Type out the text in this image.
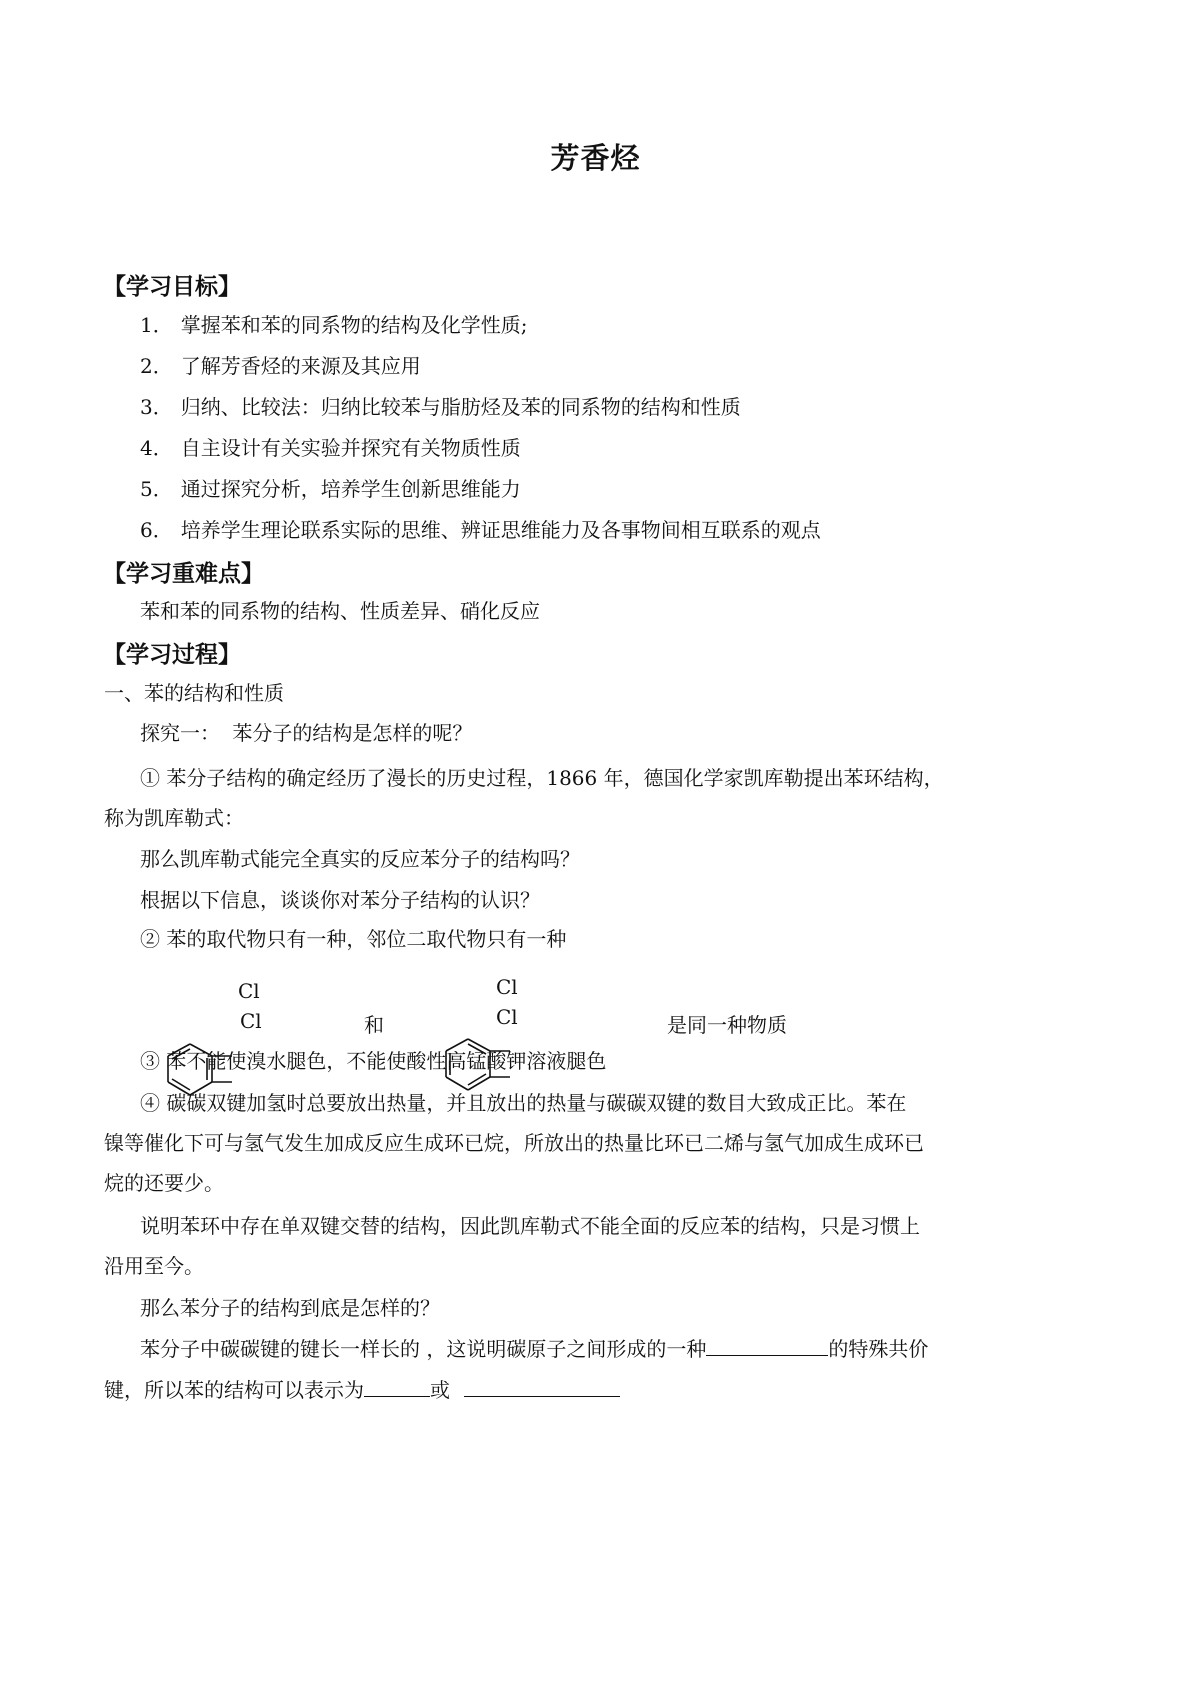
芳香烃
【学习目标】
1． 掌握苯和苯的同系物的结构及化学性质;
2． 了解芳香烃的来源及其应用
3． 归纳、比较法：归纳比较苯与脂肪烃及苯的同系物的结构和性质
4． 自主设计有关实验并探究有关物质性质
5． 通过探究分析，培养学生创新思维能力
6． 培养学生理论联系实际的思维、辨证思维能力及各事物间相互联系的观点
【学习重难点】
苯和苯的同系物的结构、性质差异、硝化反应
【学习过程】
一、苯的结构和性质
探究一： 苯分子的结构是怎样的呢？
① 苯分子结构的确定经历了漫长的历史过程，1866 年，德国化学家凯库勒提出苯环结构，
称为凯库勒式：
那么凯库勒式能完全真实的反应苯分子的结构吗？
根据以下信息，谈谈你对苯分子结构的认识？
② 苯的取代物只有一种，邻位二取代物只有一种
Cl
Cl	和
Cl
Cl	是同一种物质
③ 苯不能使溴水腿色，不能使酸性高锰酸钾溶液腿色
④ 碳碳双键加氢时总要放出热量，并且放出的热量与碳碳双键的数目大致成正比。苯在
镍等催化下可与氢气发生加成反应生成环已烷，所放出的热量比环已二烯与氢气加成生成环已
烷的还要少。
说明苯环中存在单双键交替的结构，因此凯库勒式不能全面的反应苯的结构，只是习惯上
沿用至今。
那么苯分子的结构到底是怎样的？
苯分子中碳碳键的键长一样长的 ，这说明碳原子之间形成的一种	的特殊共价
键，所以苯的结构可以表示为	或
